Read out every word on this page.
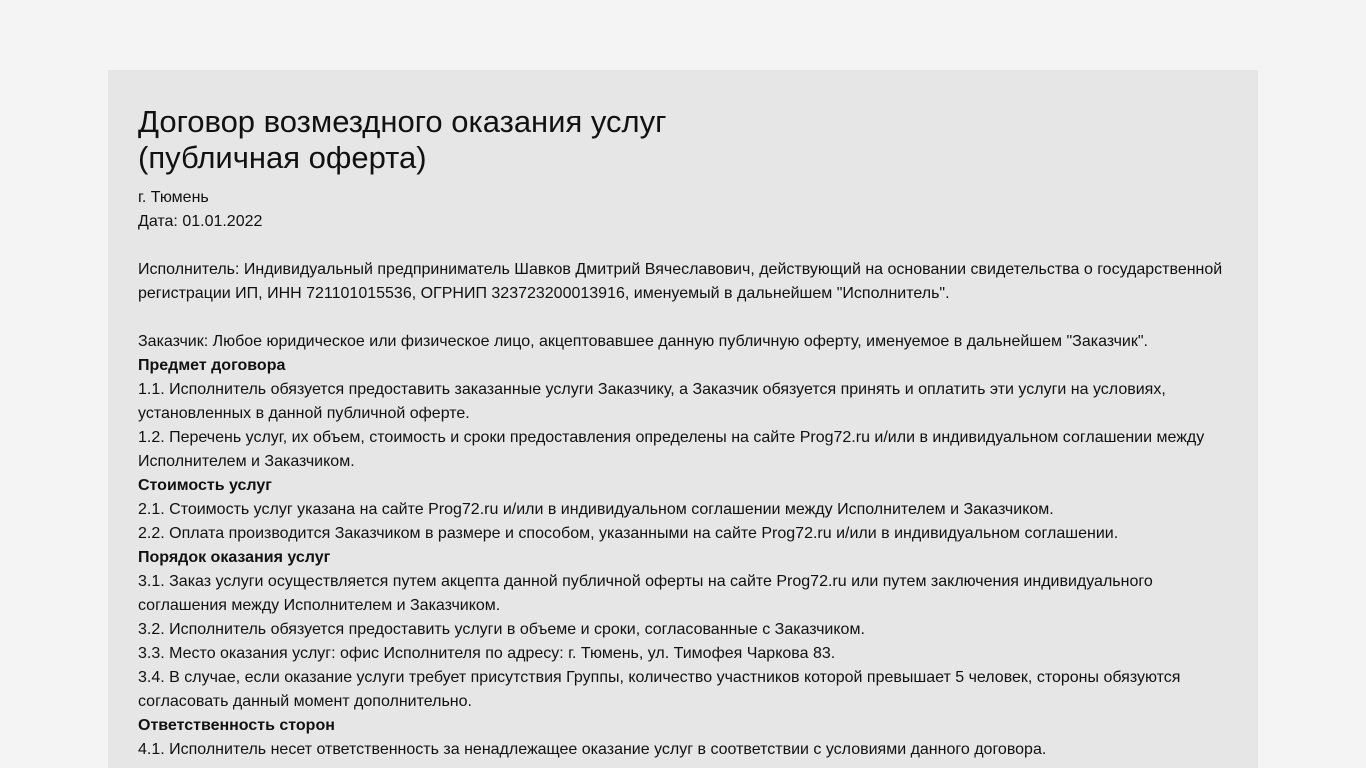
Договор возмездного оказания услуг
(публичная оферта)
г. Тюмень
Дата: 01.01.2022

Исполнитель: Индивидуальный предприниматель Шавков Дмитрий Вячеславович, действующий на основании свидетельства о государственной регистрации ИП, ИНН 721101015536, ОГРНИП 323723200013916, именуемый в дальнейшем "Исполнитель".

Заказчик: Любое юридическое или физическое лицо, акцептовавшее данную публичную оферту, именуемое в дальнейшем "Заказчик".

Предмет договора

1.1. Исполнитель обязуется предоставить заказанные услуги Заказчику, а Заказчик обязуется принять и оплатить эти услуги на условиях, установленных в данной публичной оферте.

1.2. Перечень услуг, их объем, стоимость и сроки предоставления определены на сайте Prog72.ru и/или в индивидуальном соглашении между Исполнителем и Заказчиком.

Стоимость услуг

2.1. Стоимость услуг указана на сайте Prog72.ru и/или в индивидуальном соглашении между Исполнителем и Заказчиком.

2.2. Оплата производится Заказчиком в размере и способом, указанными на сайте Prog72.ru и/или в индивидуальном соглашении.

Порядок оказания услуг

3.1. Заказ услуги осуществляется путем акцепта данной публичной оферты на сайте Prog72.ru или путем заключения индивидуального соглашения между Исполнителем и Заказчиком.

3.2. Исполнитель обязуется предоставить услуги в объеме и сроки, согласованные с Заказчиком.

3.3. Место оказания услуг: офис Исполнителя по адресу: г. Тюмень, ул. Тимофея Чаркова 83.

3.4. В случае, если оказание услуги требует присутствия Группы, количество участников которой превышает 5 человек, стороны обязуются согласовать данный момент дополнительно.

Ответственность сторон

4.1. Исполнитель несет ответственность за ненадлежащее оказание услуг в соответствии с условиями данного договора.
